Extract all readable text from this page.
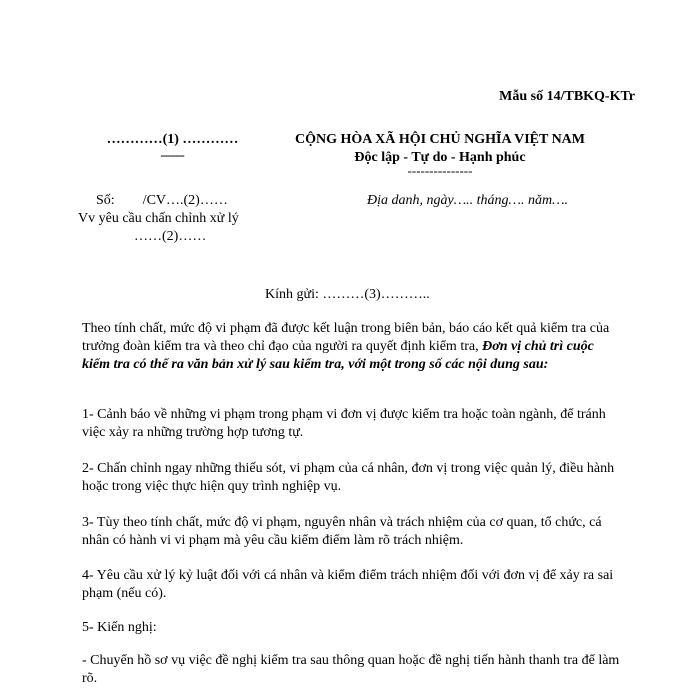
Mẫu số 14/TBKQ-KTr
…………(1) …………
-------
CỘNG HÒA XÃ HỘI CHỦ NGHĨA VIỆT NAM
Độc lập - Tự do - Hạnh phúc
---------------
Số:        /CV….(2)……	Địa danh, ngày….. tháng…. năm….
Vv yêu cầu chấn chỉnh xử lý
……(2)……
Kính gửi: ………(3)………..
Theo tính chất, mức độ vi phạm đã được kết luận trong biên bản, báo cáo kết quả kiểm tra của trưởng đoàn kiểm tra và theo chỉ đạo của người ra quyết định kiểm tra, Đơn vị chủ trì cuộc kiểm tra có thể ra văn bản xử lý sau kiểm tra, với một trong số các nội dung sau:
1- Cảnh báo về những vi phạm trong phạm vi đơn vị được kiểm tra hoặc toàn ngành, để tránh việc xảy ra những trường hợp tương tự.
2- Chấn chỉnh ngay những thiếu sót, vi phạm của cá nhân, đơn vị trong việc quản lý, điều hành hoặc trong việc thực hiện quy trình nghiệp vụ.
3- Tùy theo tính chất, mức độ vi phạm, nguyên nhân và trách nhiệm của cơ quan, tổ chức, cá nhân có hành vi vi phạm mà yêu cầu kiểm điểm làm rõ trách nhiệm.
4- Yêu cầu xử lý kỷ luật đối với cá nhân và kiểm điểm trách nhiệm đối với đơn vị để xảy ra sai phạm (nếu có).
5- Kiến nghị:
- Chuyển hồ sơ vụ việc đề nghị kiểm tra sau thông quan hoặc đề nghị tiến hành thanh tra để làm rõ.
